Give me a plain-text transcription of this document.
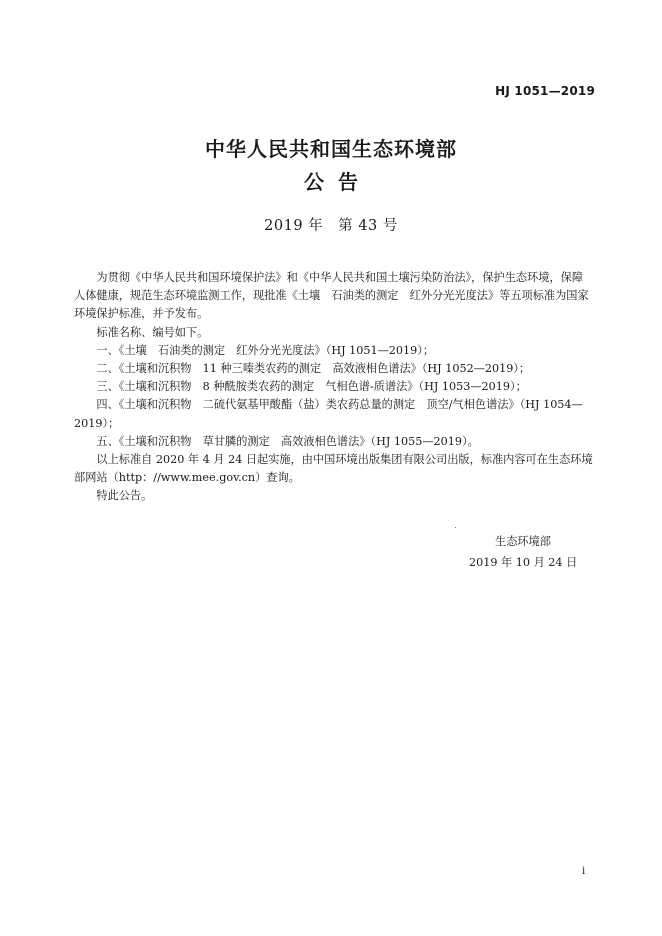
HJ 1051—2019
中华人民共和国生态环境部
公告
2019 年　第 43 号

为贯彻《中华人民共和国环境保护法》和《中华人民共和国土壤污染防治法》，保护生态环境，保障人体健康，规范生态环境监测工作，现批准《土壤　石油类的测定　红外分光光度法》等五项标准为国家环境保护标准，并予发布。

标准名称、编号如下。

一、《土壤　石油类的测定　红外分光光度法》（HJ 1051—2019）；

二、《土壤和沉积物　11 种三嗪类农药的测定　高效液相色谱法》（HJ 1052—2019）；

三、《土壤和沉积物　8 种酰胺类农药的测定　气相色谱-质谱法》（HJ 1053—2019）；

四、《土壤和沉积物　二硫代氨基甲酸酯（盐）类农药总量的测定　顶空/气相色谱法》（HJ 1054—2019）；

五、《土壤和沉积物　草甘膦的测定　高效液相色谱法》（HJ 1055—2019）。

以上标准自 2020 年 4 月 24 日起实施，由中国环境出版集团有限公司出版，标准内容可在生态环境部网站（http：//www.mee.gov.cn）查询。

特此公告。

生态环境部
2019 年 10 月 24 日
i
